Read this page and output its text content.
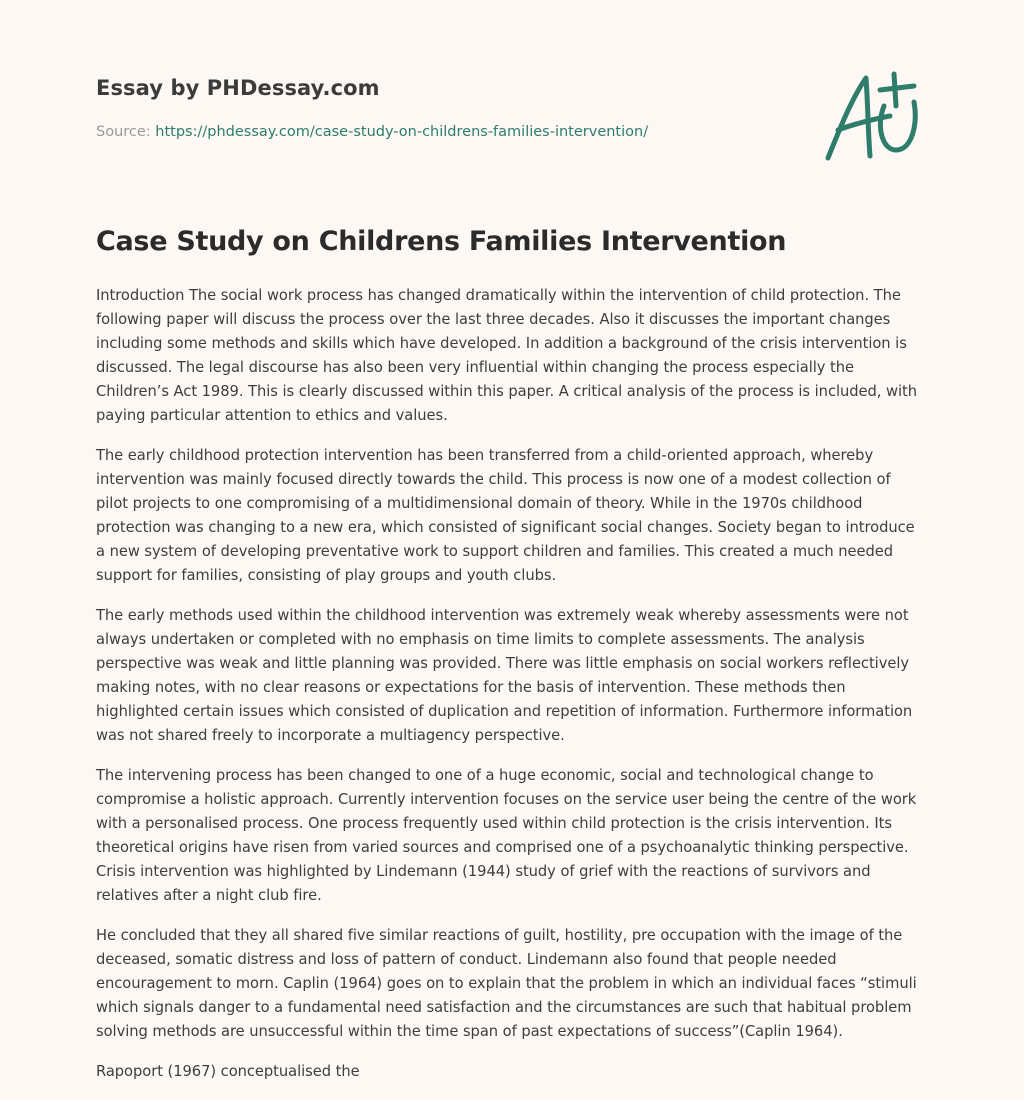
Essay by PHDessay.com
Source: https://phdessay.com/case-study-on-childrens-families-intervention/
Case Study on Childrens Families Intervention

Introduction The social work process has changed dramatically within the intervention of child protection. The following paper will discuss the process over the last three decades. Also it discusses the important changes including some methods and skills which have developed. In addition a background of the crisis intervention is discussed. The legal discourse has also been very influential within changing the process especially the Children’s Act 1989. This is clearly discussed within this paper. A critical analysis of the process is included, with paying particular attention to ethics and values.

The early childhood protection intervention has been transferred from a child-oriented approach, whereby intervention was mainly focused directly towards the child. This process is now one of a modest collection of pilot projects to one compromising of a multidimensional domain of theory. While in the 1970s childhood protection was changing to a new era, which consisted of significant social changes. Society began to introduce a new system of developing preventative work to support children and families. This created a much needed support for families, consisting of play groups and youth clubs.

The early methods used within the childhood intervention was extremely weak whereby assessments were not always undertaken or completed with no emphasis on time limits to complete assessments. The analysis perspective was weak and little planning was provided. There was little emphasis on social workers reflectively making notes, with no clear reasons or expectations for the basis of intervention. These methods then highlighted certain issues which consisted of duplication and repetition of information. Furthermore information was not shared freely to incorporate a multiagency perspective.

The intervening process has been changed to one of a huge economic, social and technological change to compromise a holistic approach. Currently intervention focuses on the service user being the centre of the work with a personalised process. One process frequently used within child protection is the crisis intervention. Its theoretical origins have risen from varied sources and comprised one of a psychoanalytic thinking perspective. Crisis intervention was highlighted by Lindemann (1944) study of grief with the reactions of survivors and relatives after a night club fire.

He concluded that they all shared five similar reactions of guilt, hostility, pre occupation with the image of the deceased, somatic distress and loss of pattern of conduct. Lindemann also found that people needed encouragement to morn. Caplin (1964) goes on to explain that the problem in which an individual faces “stimuli which signals danger to a fundamental need satisfaction and the circumstances are such that habitual problem solving methods are unsuccessful within the time span of past expectations of success”(Caplin 1964).

Rapoport (1967) conceptualised the
